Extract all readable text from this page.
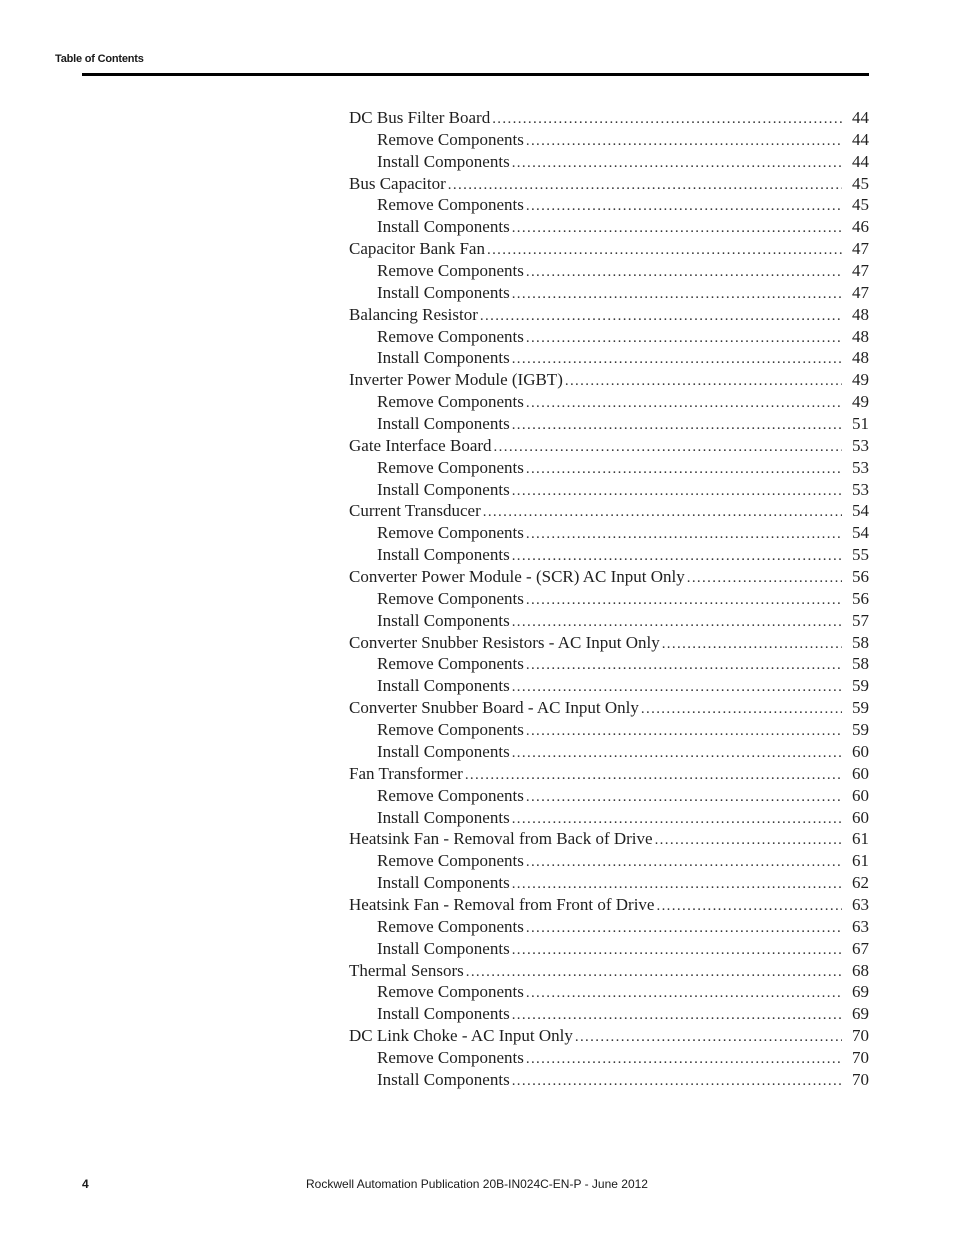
Table of Contents
DC Bus Filter Board . . .	44
Remove Components . . .	44
Install Components . . .	44
Bus Capacitor . . .	45
Remove Components . . .	45
Install Components . . .	46
Capacitor Bank Fan . . .	47
Remove Components . . .	47
Install Components . . .	47
Balancing Resistor . . .	48
Remove Components . . .	48
Install Components . . .	48
Inverter Power Module (IGBT) . . .	49
Remove Components . . .	49
Install Components . . .	51
Gate Interface Board . . .	53
Remove Components . . .	53
Install Components . . .	53
Current Transducer . . .	54
Remove Components . . .	54
Install Components . . .	55
Converter Power Module - (SCR) AC Input Only . . .	56
Remove Components . . .	56
Install Components . . .	57
Converter Snubber Resistors - AC Input Only . . .	58
Remove Components . . .	58
Install Components . . .	59
Converter Snubber Board - AC Input Only . . .	59
Remove Components . . .	59
Install Components . . .	60
Fan Transformer . . .	60
Remove Components . . .	60
Install Components . . .	60
Heatsink Fan - Removal from Back of Drive . . .	61
Remove Components . . .	61
Install Components . . .	62
Heatsink Fan - Removal from Front of Drive . . .	63
Remove Components . . .	63
Install Components . . .	67
Thermal Sensors . . .	68
Remove Components . . .	69
Install Components . . .	69
DC Link Choke - AC Input Only . . .	70
Remove Components . . .	70
Install Components . . .	70
4	Rockwell Automation Publication 20B-IN024C-EN-P - June 2012
